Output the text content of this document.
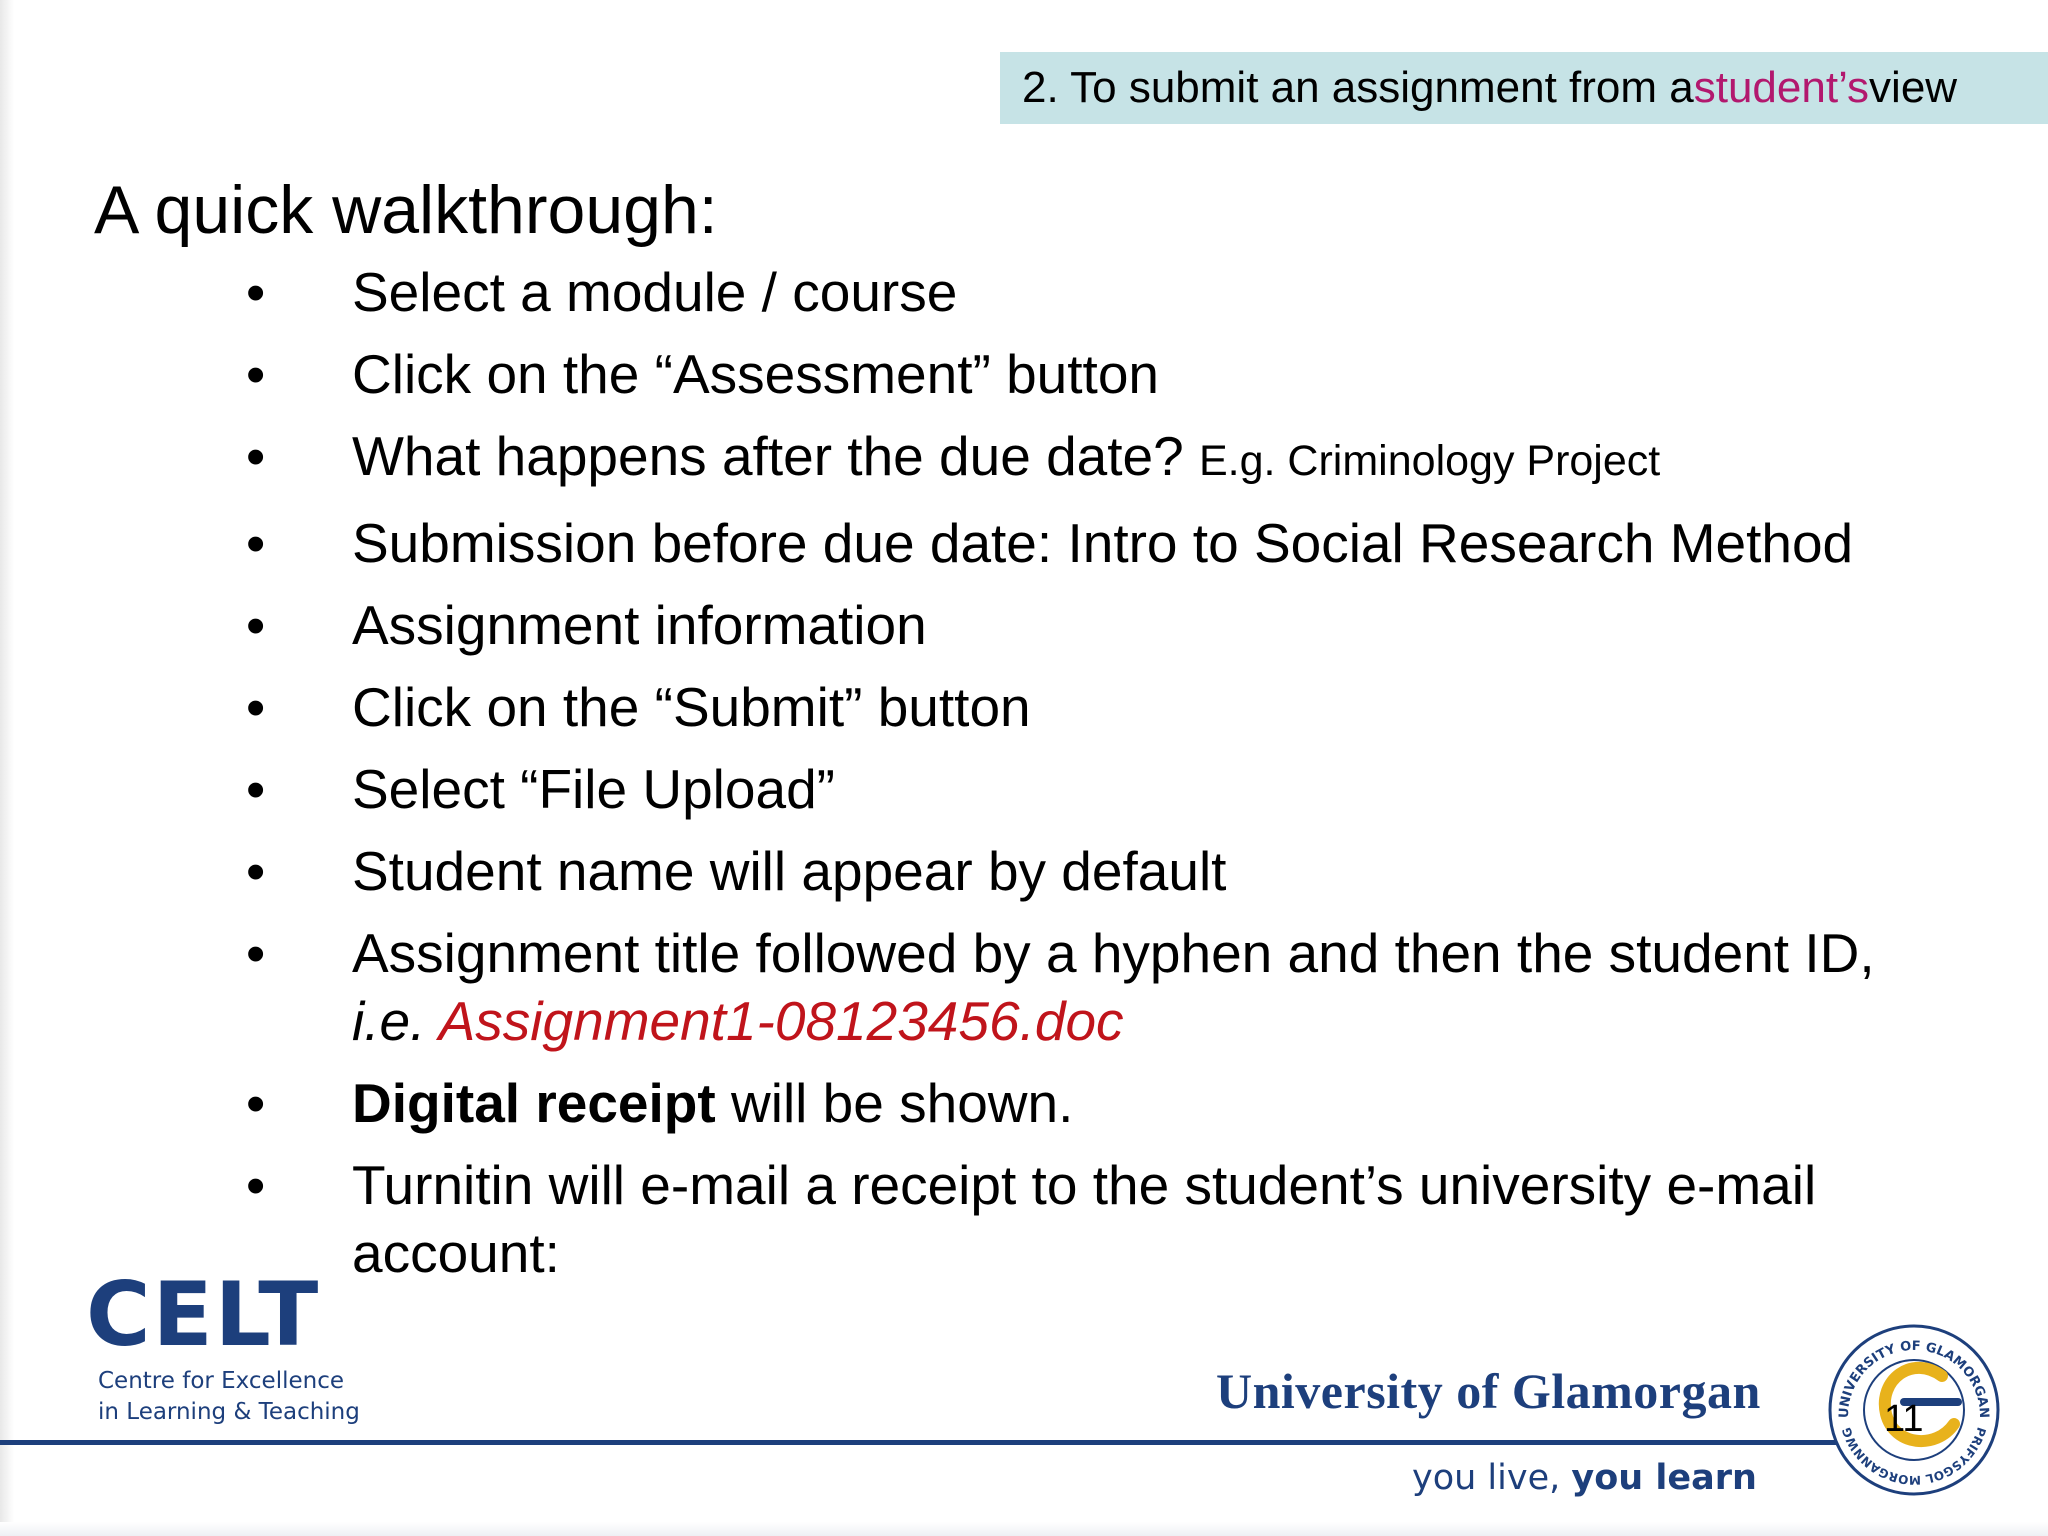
2. To submit an assignment from a student’s view
A quick walkthrough:
• Select a module / course
• Click on the “Assessment” button
• What happens after the due date? E.g. Criminology Project
• Submission before due date: Intro to Social Research Method
• Assignment information
• Click on the “Submit” button
• Select “File Upload”
• Student name will appear by default
• Assignment title followed by a hyphen and then the student ID,
i.e. Assignment1-08123456.doc
• Digital receipt will be shown.
• Turnitin will e-mail a receipt to the student’s university e-mail
account:
CELT
Centre for Excellence
in Learning & Teaching	University of Glamorgan
you live, you learn
UNIVERSITY OF GLAMORGAN
PRIFYSGOL MORGANNWG 11
